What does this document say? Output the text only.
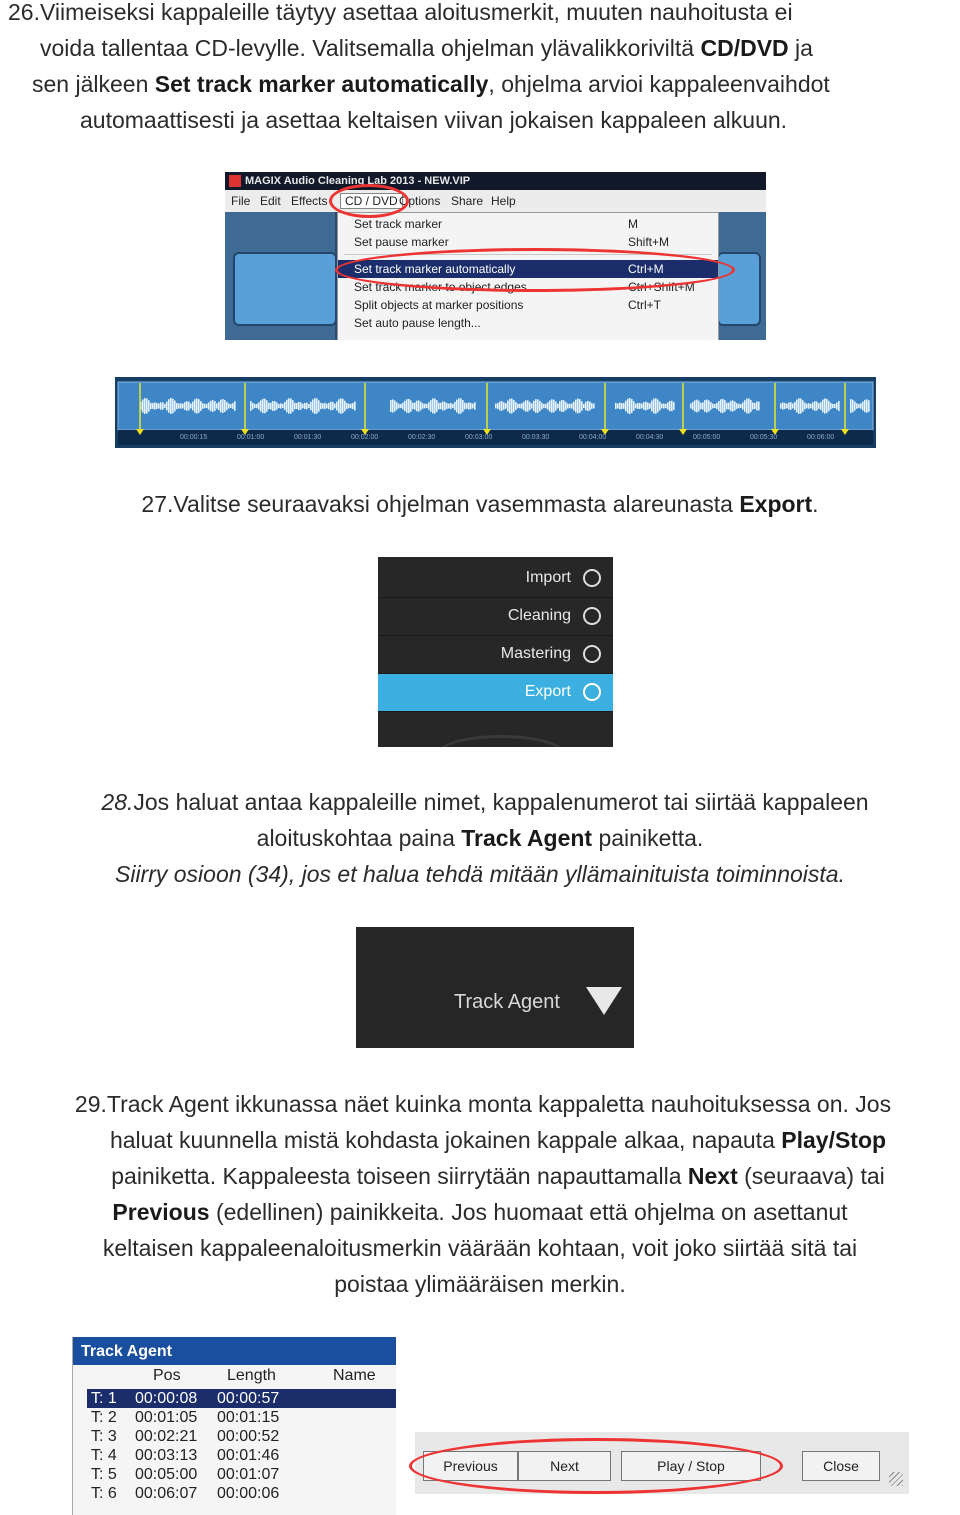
26.Viimeiseksi kappaleille täytyy asettaa aloitusmerkit, muuten nauhoitusta ei

voida tallentaa CD-levylle. Valitsemalla ohjelman ylävalikkoriviltä CD/DVD ja

sen jälkeen Set track marker automatically, ohjelma arvioi kappaleenvaihdot

automaattisesti ja asettaa keltaisen viivan jokaisen kappaleen alkuun.

MAGIX Audio Cleaning Lab 2013 - NEW.VIP
File Edit Effects	CD / DVD Options Share Help
Set track marker	M
Set pause marker	Shift+M
Set track marker automatically	Ctrl+M
Set track marker to object edges	Ctrl+Shift+M
Split objects at marker positions	Ctrl+T
Set auto pause length...
00:00:15	00:01:00	00:01:30	00:02:00	00:02:30	00:03:00	00:03:30	00:04:00	00:04:30	00:05:00	00:05:30	00:06:00

27.Valitse seuraavaksi ohjelman vasemmasta alareunasta Export.

Import
Cleaning
Mastering
Export

28.Jos haluat antaa kappaleille nimet, kappalenumerot tai siirtää kappaleen

aloituskohtaa paina Track Agent painiketta.

Siirry osioon (34), jos et halua tehdä mitään yllämainituista toiminnoista.

Track Agent

29.Track Agent ikkunassa näet kuinka monta kappaletta nauhoituksessa on. Jos

haluat kuunnella mistä kohdasta jokainen kappale alkaa, napauta Play/Stop

painiketta. Kappaleesta toiseen siirrytään napauttamalla Next (seuraava) tai

Previous (edellinen) painikkeita. Jos huomaat että ohjelma on asettanut

keltaisen kappaleenaloitusmerkin väärään kohtaan, voit joko siirtää sitä tai

poistaa ylimääräisen merkin.

Track Agent
Pos	Length	Name
T: 1 00:00:08 00:00:57
T: 2 00:01:05 00:01:15
T: 3 00:02:21 00:00:52
T: 4 00:03:13 00:01:46
T: 5 00:05:00 00:01:07
T: 6 00:06:07 00:00:06
Previous	Next	Play / Stop	Close
